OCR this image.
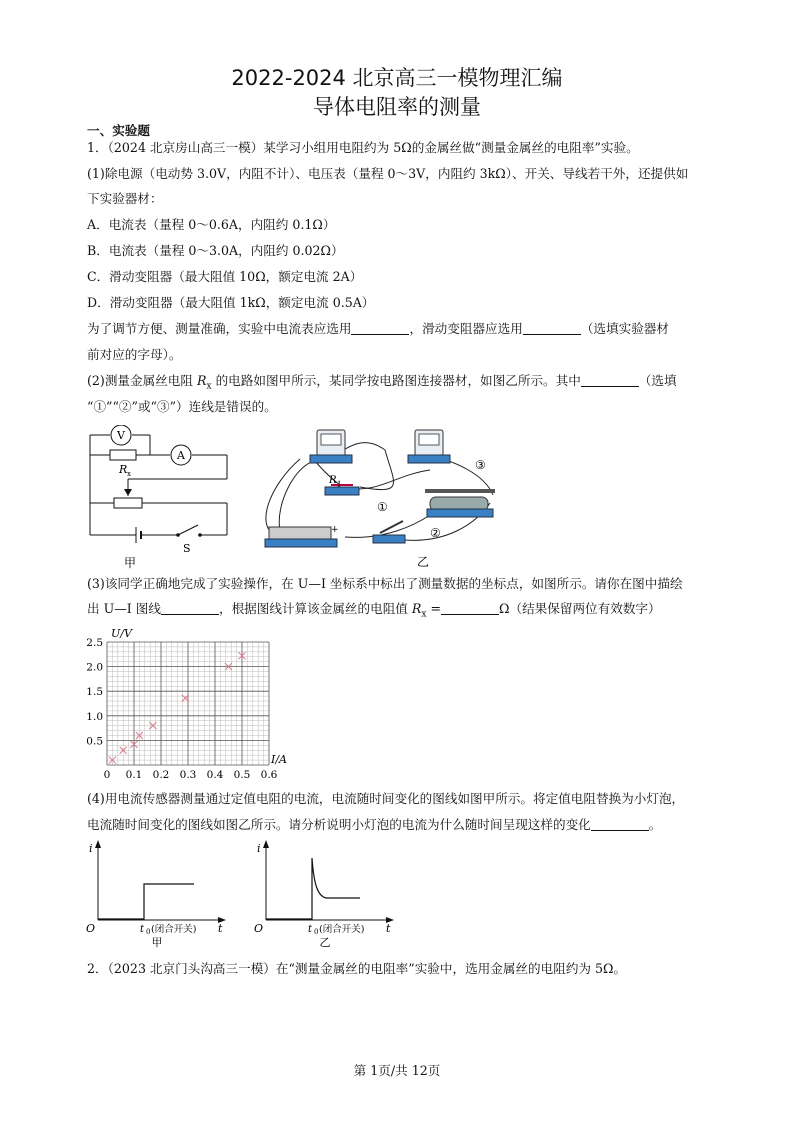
2022-2024 北京高三一模物理汇编
导体电阻率的测量
一、实验题
1．（2024 北京房山高三一模）某学习小组用电阻约为 5Ω的金属丝做“测量金属丝的电阻率”实验。
(1)除电源（电动势 3.0V，内阻不计）、电压表（量程 0～3V，内阻约 3kΩ）、开关、导线若干外，还提供如
下实验器材：
A．电流表（量程 0～0.6A，内阻约 0.1Ω）
B．电流表（量程 0～3.0A，内阻约 0.02Ω）
C．滑动变阻器（最大阻值 10Ω，额定电流 2A）
D．滑动变阻器（最大阻值 1kΩ，额定电流 0.5A）
为了调节方便、测量准确，实验中电流表应选用	，滑动变阻器应选用	（选填实验器材
前对应的字母）。
(2)测量金属丝电阻 $R_x$ 的电路如图甲所示，某同学按电路图连接器材，如图乙所示。其中	（选填
“①”“②”或“③”）连线是错误的。
V
A
R x
S
甲
R 1
①
②
③
+
乙
(3)该同学正确地完成了实验操作，在 U—I 坐标系中标出了测量数据的坐标点，如图所示。请你在图中描绘
出 U—I 图线	，根据图线计算该金属丝的电阻值 $R_x$ =	Ω（结果保留两位有效数字）
0 0.1 0.2 0.3 0.4 0.5 0.6
0.5
1.0
1.5
2.0
2.5
U/V
I/A
(4)用电流传感器测量通过定值电阻的电流，电流随时间变化的图线如图甲所示。将定值电阻替换为小灯泡，
电流随时间变化的图线如图乙所示。请分析说明小灯泡的电流为什么随时间呈现这样的变化	。
i
t
O	t 0 (闭合开关)
甲
i
t
O	t 0 (闭合开关)
乙
2．（2023 北京门头沟高三一模）在“测量金属丝的电阻率”实验中，选用金属丝的电阻约为 5Ω。
第 1页/共 12页
